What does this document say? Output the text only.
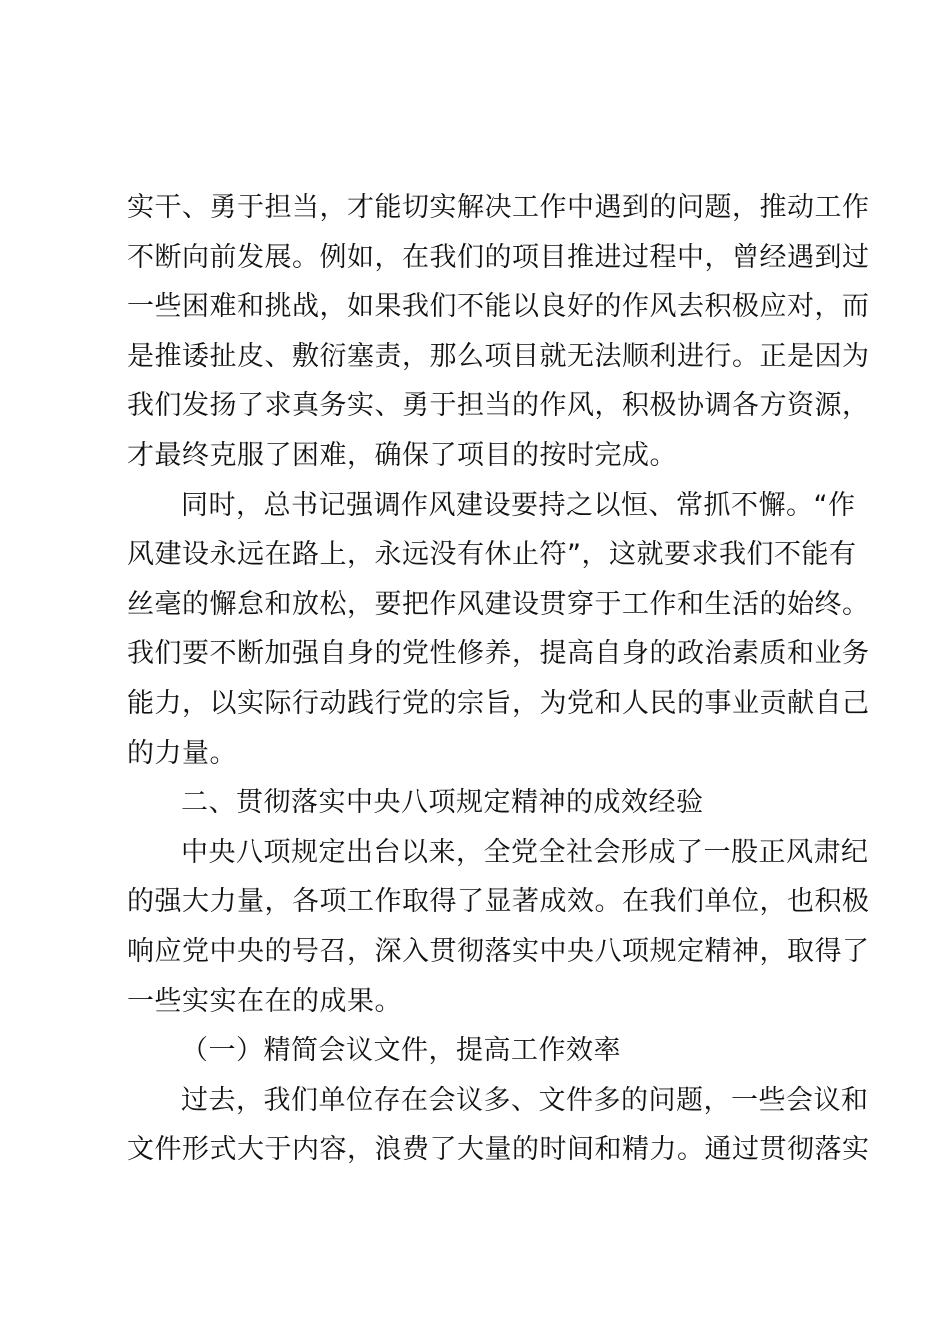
实干、勇于担当，才能切实解决工作中遇到的问题，推动工作
不断向前发展。例如，在我们的项目推进过程中，曾经遇到过
一些困难和挑战，如果我们不能以良好的作风去积极应对，而
是推诿扯皮、敷衍塞责，那么项目就无法顺利进行。正是因为
我们发扬了求真务实、勇于担当的作风，积极协调各方资源，
才最终克服了困难，确保了项目的按时完成。
同时，总书记强调作风建设要持之以恒、常抓不懈。“作
风建设永远在路上，永远没有休止符”，这就要求我们不能有
丝毫的懈怠和放松，要把作风建设贯穿于工作和生活的始终。
我们要不断加强自身的党性修养，提高自身的政治素质和业务
能力，以实际行动践行党的宗旨，为党和人民的事业贡献自己
的力量。
二、贯彻落实中央八项规定精神的成效经验
中央八项规定出台以来，全党全社会形成了一股正风肃纪
的强大力量，各项工作取得了显著成效。在我们单位，也积极
响应党中央的号召，深入贯彻落实中央八项规定精神，取得了
一些实实在在的成果。
（一）精简会议文件，提高工作效率
过去，我们单位存在会议多、文件多的问题，一些会议和
文件形式大于内容，浪费了大量的时间和精力。通过贯彻落实
